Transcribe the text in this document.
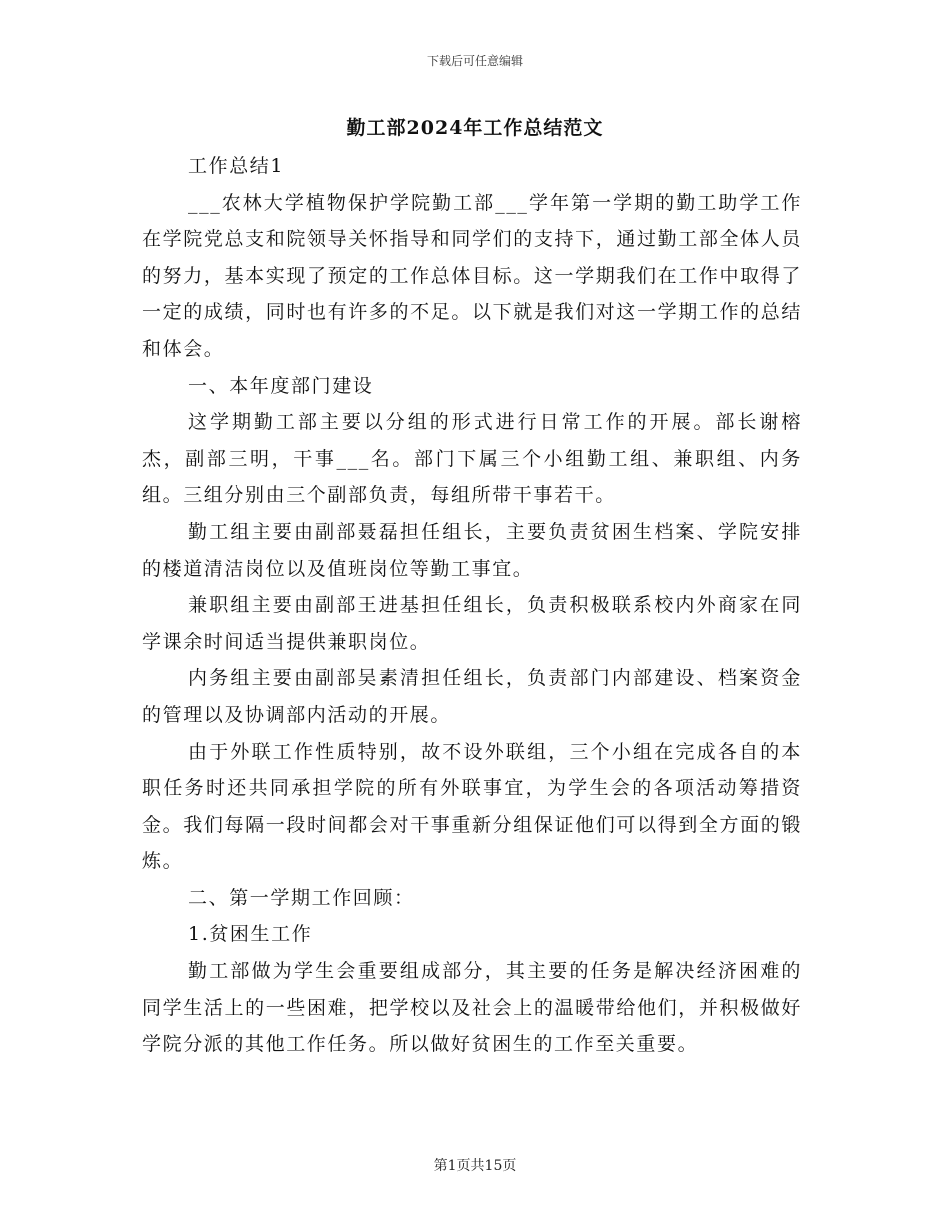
下载后可任意编辑
勤工部2024年工作总结范文

工作总结1

___农林大学植物保护学院勤工部___学年第一学期的勤工助学工作在学院党总支和院领导关怀指导和同学们的支持下，通过勤工部全体人员的努力，基本实现了预定的工作总体目标。这一学期我们在工作中取得了一定的成绩，同时也有许多的不足。以下就是我们对这一学期工作的总结和体会。

一、本年度部门建设

这学期勤工部主要以分组的形式进行日常工作的开展。部长谢榕杰，副部三明，干事___名。部门下属三个小组勤工组、兼职组、内务组。三组分别由三个副部负责，每组所带干事若干。

勤工组主要由副部聂磊担任组长，主要负责贫困生档案、学院安排的楼道清洁岗位以及值班岗位等勤工事宜。

兼职组主要由副部王进基担任组长，负责积极联系校内外商家在同学课余时间适当提供兼职岗位。

内务组主要由副部吴素清担任组长，负责部门内部建设、档案资金的管理以及协调部内活动的开展。

由于外联工作性质特别，故不设外联组，三个小组在完成各自的本职任务时还共同承担学院的所有外联事宜，为学生会的各项活动筹措资金。我们每隔一段时间都会对干事重新分组保证他们可以得到全方面的锻炼。

二、第一学期工作回顾：

1.贫困生工作

勤工部做为学生会重要组成部分，其主要的任务是解决经济困难的同学生活上的一些困难，把学校以及社会上的温暖带给他们，并积极做好学院分派的其他工作任务。所以做好贫困生的工作至关重要。

第1页共15页
